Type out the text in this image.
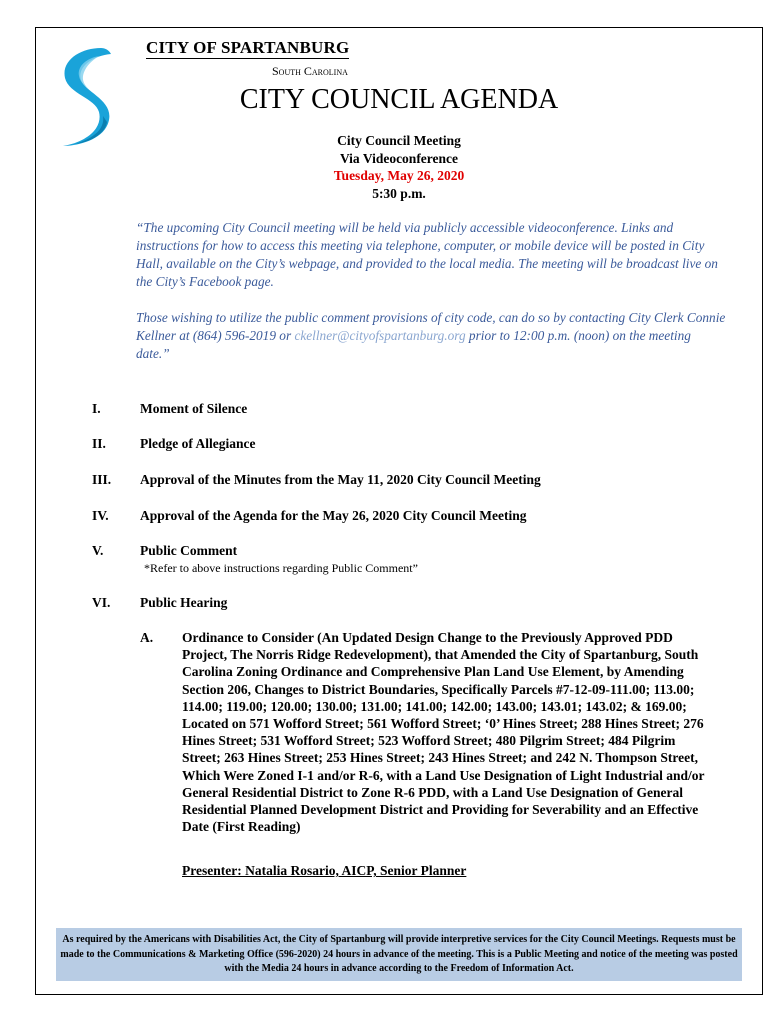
CITY OF SPARTANBURG
South Carolina
CITY COUNCIL AGENDA
City Council Meeting
Via Videoconference
Tuesday, May 26, 2020
5:30 p.m.

“The upcoming City Council meeting will be held via publicly accessible videoconference. Links and instructions for how to access this meeting via telephone, computer, or mobile device will be posted in City Hall, available on the City’s webpage, and provided to the local media. The meeting will be broadcast live on the City’s Facebook page.

Those wishing to utilize the public comment provisions of city code, can do so by contacting City Clerk Connie Kellner at (864) 596-2019 or ckellner@cityofspartanburg.org prior to 12:00 p.m. (noon) on the meeting date.”

I.	Moment of Silence
II.	Pledge of Allegiance
III. Approval of the Minutes from the May 11, 2020 City Council Meeting
IV. Approval of the Agenda for the May 26, 2020 City Council Meeting
V.	Public Comment
*Refer to above instructions regarding Public Comment”
VI. Public Hearing
A. Ordinance to Consider (An Updated Design Change to the Previously Approved PDD Project, The Norris Ridge Redevelopment), that Amended the City of Spartanburg, South Carolina Zoning Ordinance and Comprehensive Plan Land Use Element, by Amending Section 206, Changes to District Boundaries, Specifically Parcels #7-12-09-111.00; 113.00; 114.00; 119.00; 120.00; 130.00; 131.00; 141.00; 142.00; 143.00; 143.01; 143.02; & 169.00; Located on 571 Wofford Street; 561 Wofford Street; ‘0’ Hines Street; 288 Hines Street; 276 Hines Street; 531 Wofford Street; 523 Wofford Street; 480 Pilgrim Street; 484 Pilgrim Street; 263 Hines Street; 253 Hines Street; 243 Hines Street; and 242 N. Thompson Street, Which Were Zoned I-1 and/or R-6, with a Land Use Designation of Light Industrial and/or General Residential District to Zone R-6 PDD, with a Land Use Designation of General Residential Planned Development District and Providing for Severability and an Effective Date (First Reading)

Presenter: Natalia Rosario, AICP, Senior Planner
As required by the Americans with Disabilities Act, the City of Spartanburg will provide interpretive services for the City Council Meetings. Requests must be made to the Communications & Marketing Office (596-2020) 24 hours in advance of the meeting. This is a Public Meeting and notice of the meeting was posted with the Media 24 hours in advance according to the Freedom of Information Act.
